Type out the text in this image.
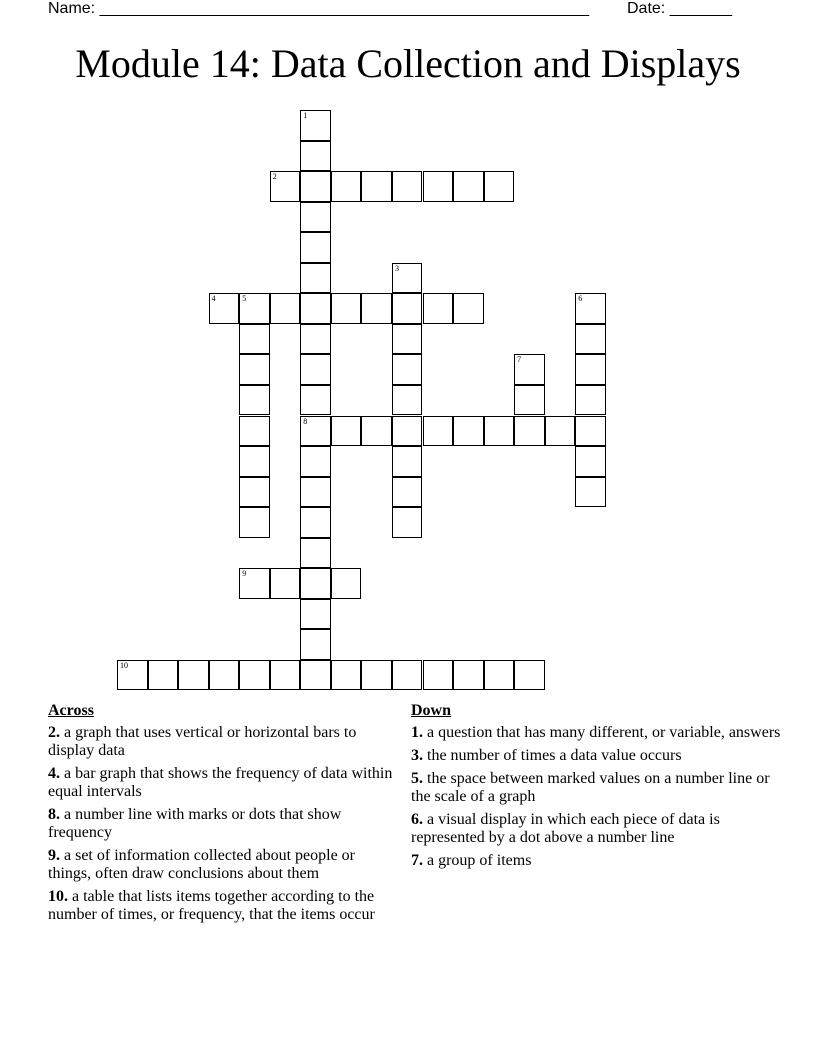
Name: _______________________________________________________ Date: _______
Module 14: Data Collection and Displays
1
8
2
3
4	5	6
7
9
10
Across
2. a graph that uses vertical or horizontal bars to display data
4. a bar graph that shows the frequency of data within equal intervals
8. a number line with marks or dots that show frequency
9. a set of information collected about people or things, often draw conclusions about them
10. a table that lists items together according to the number of times, or frequency, that the items occur
Down
1. a question that has many different, or variable, answers
3. the number of times a data value occurs
5. the space between marked values on a number line or the scale of a graph
6. a visual display in which each piece of data is represented by a dot above a number line
7. a group of items
